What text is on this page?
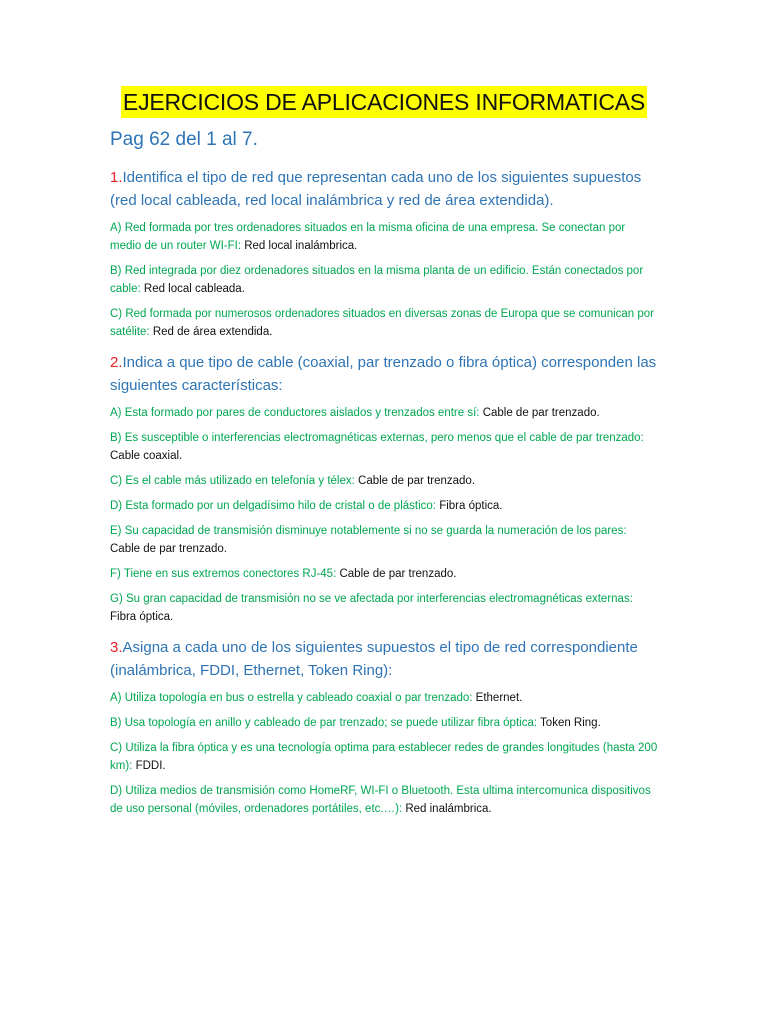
EJERCICIOS DE APLICACIONES INFORMATICAS
Pag 62 del 1 al 7.
1.Identifica el tipo de red que representan cada uno de los siguientes supuestos (red local cableada, red local inalámbrica y red de área extendida).
A) Red formada por tres ordenadores situados en la misma oficina de una empresa. Se conectan por medio de un router WI-FI: Red local inalámbrica.
B) Red integrada por diez ordenadores situados en la misma planta de un edificio. Están conectados por cable: Red local cableada.
C) Red formada por numerosos ordenadores situados en diversas zonas de Europa que se comunican por satélite: Red de área extendida.
2.Indica a que tipo de cable (coaxial, par trenzado o fibra óptica) corresponden las siguientes características:
A) Esta formado por pares de conductores aislados y trenzados entre sí: Cable de par trenzado.
B) Es susceptible o interferencias electromagnéticas externas, pero menos que el cable de par trenzado: Cable coaxial.
C) Es el cable más utilizado en telefonía y télex: Cable de par trenzado.
D) Esta formado por un delgadísimo hilo de cristal o de plástico: Fibra óptica.
E) Su capacidad de transmisión disminuye notablemente si no se guarda la numeración de los pares: Cable de par trenzado.
F) Tiene en sus extremos conectores RJ-45: Cable de par trenzado.
G) Su gran capacidad de transmisión no se ve afectada por interferencias electromagnéticas externas: Fibra óptica.
3.Asigna a cada uno de los siguientes supuestos el tipo de red correspondiente (inalámbrica, FDDI, Ethernet, Token Ring):
A) Utiliza topología en bus o estrella y cableado coaxial o par trenzado: Ethernet.
B) Usa topología en anillo y cableado de par trenzado; se puede utilizar fibra óptica: Token Ring.
C) Utiliza la fibra óptica y es una tecnología optima para establecer redes de grandes longitudes (hasta 200 km): FDDI.
D) Utiliza medios de transmisión como HomeRF, WI-FI o Bluetooth. Esta ultima intercomunica dispositivos de uso personal (móviles, ordenadores portátiles, etc.…): Red inalámbrica.
